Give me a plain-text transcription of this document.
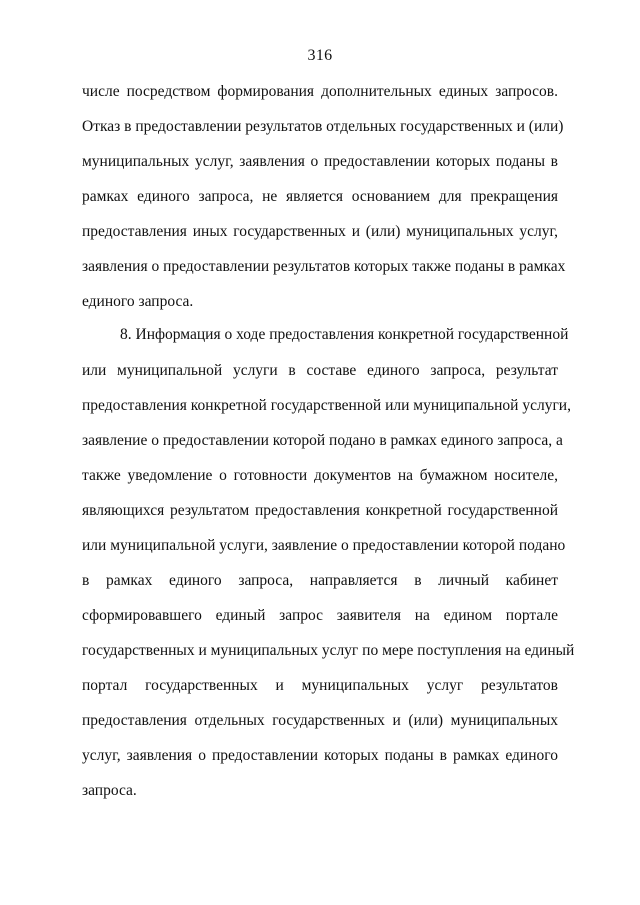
316
числе посредством формирования дополнительных единых запросов.
Отказ в предоставлении результатов отдельных государственных и (или)
муниципальных услуг, заявления о предоставлении которых поданы в
рамках единого запроса, не является основанием для прекращения
предоставления иных государственных и (или) муниципальных услуг,
заявления о предоставлении результатов которых также поданы в рамках
единого запроса.
8. Информация о ходе предоставления конкретной государственной
или муниципальной услуги в составе единого запроса, результат
предоставления конкретной государственной или муниципальной услуги,
заявление о предоставлении которой подано в рамках единого запроса, а
также уведомление о готовности документов на бумажном носителе,
являющихся результатом предоставления конкретной государственной
или муниципальной услуги, заявление о предоставлении которой подано
в рамках единого запроса, направляется в личный кабинет
сформировавшего единый запрос заявителя на едином портале
государственных и муниципальных услуг по мере поступления на единый
портал государственных и муниципальных услуг результатов
предоставления отдельных государственных и (или) муниципальных
услуг, заявления о предоставлении которых поданы в рамках единого
запроса.
